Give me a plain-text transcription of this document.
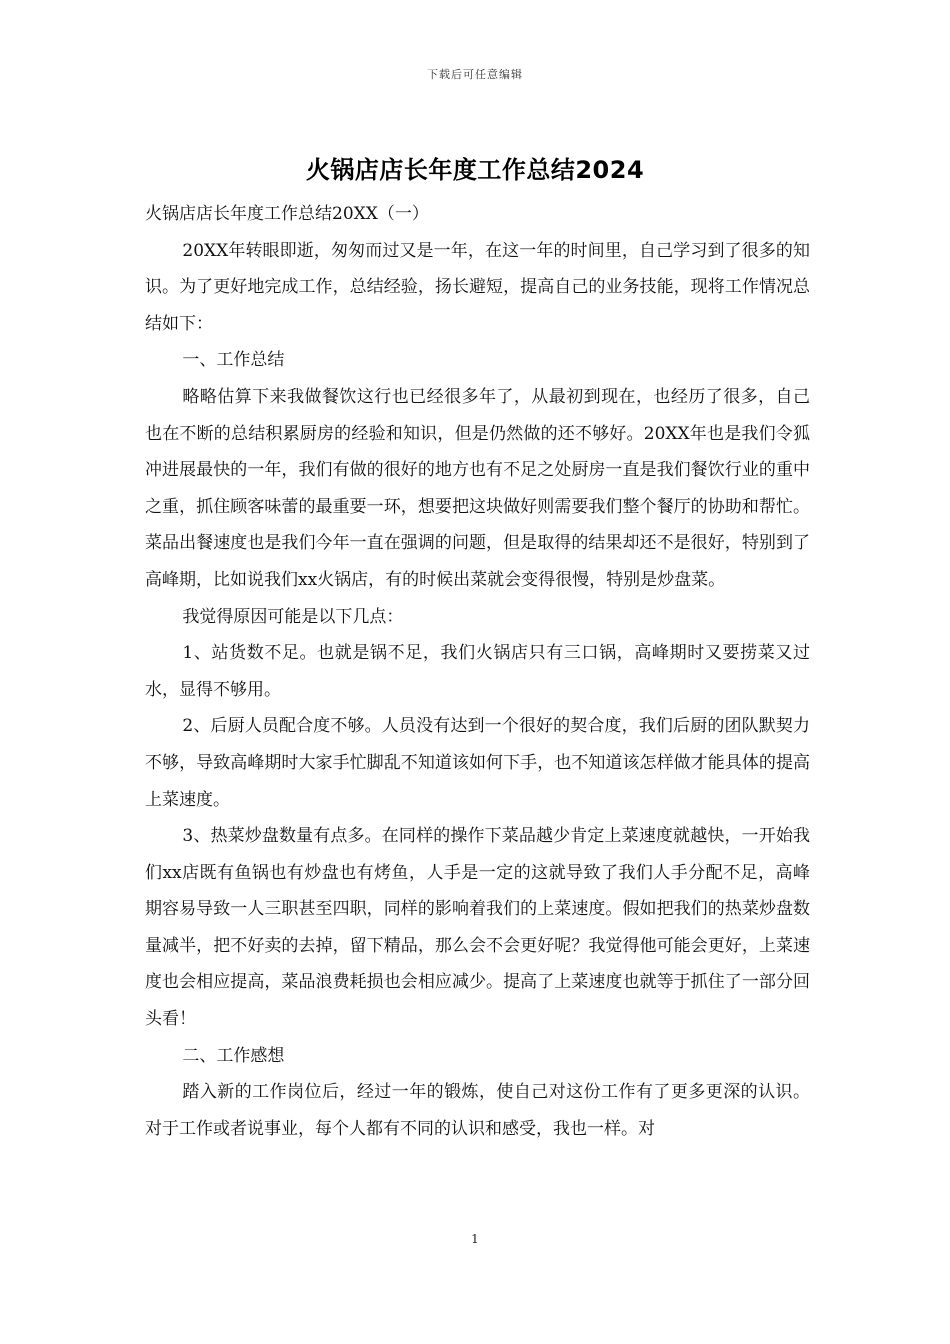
下载后可任意编辑
火锅店店长年度工作总结2024

火锅店店长年度工作总结20XX（一）

20XX年转眼即逝，匆匆而过又是一年，在这一年的时间里，自己学习到了很多的知识。为了更好地完成工作，总结经验，扬长避短，提高自己的业务技能，现将工作情况总结如下：

一、工作总结

略略估算下来我做餐饮这行也已经很多年了，从最初到现在，也经历了很多，自己也在不断的总结积累厨房的经验和知识，但是仍然做的还不够好。20XX年也是我们令狐冲进展最快的一年，我们有做的很好的地方也有不足之处厨房一直是我们餐饮行业的重中之重，抓住顾客味蕾的最重要一环，想要把这块做好则需要我们整个餐厅的协助和帮忙。菜品出餐速度也是我们今年一直在强调的问题，但是取得的结果却还不是很好，特别到了高峰期，比如说我们xx火锅店，有的时候出菜就会变得很慢，特别是炒盘菜。

我觉得原因可能是以下几点：

1、站货数不足。也就是锅不足，我们火锅店只有三口锅，高峰期时又要捞菜又过水，显得不够用。

2、后厨人员配合度不够。人员没有达到一个很好的契合度，我们后厨的团队默契力不够，导致高峰期时大家手忙脚乱不知道该如何下手，也不知道该怎样做才能具体的提高上菜速度。

3、热菜炒盘数量有点多。在同样的操作下菜品越少肯定上菜速度就越快，一开始我们xx店既有鱼锅也有炒盘也有烤鱼，人手是一定的这就导致了我们人手分配不足，高峰期容易导致一人三职甚至四职，同样的影响着我们的上菜速度。假如把我们的热菜炒盘数量减半，把不好卖的去掉，留下精品，那么会不会更好呢？我觉得他可能会更好，上菜速度也会相应提高，菜品浪费耗损也会相应减少。提高了上菜速度也就等于抓住了一部分回头看！

二、工作感想

踏入新的工作岗位后，经过一年的锻炼，使自己对这份工作有了更多更深的认识。对于工作或者说事业，每个人都有不同的认识和感受，我也一样。对

1
